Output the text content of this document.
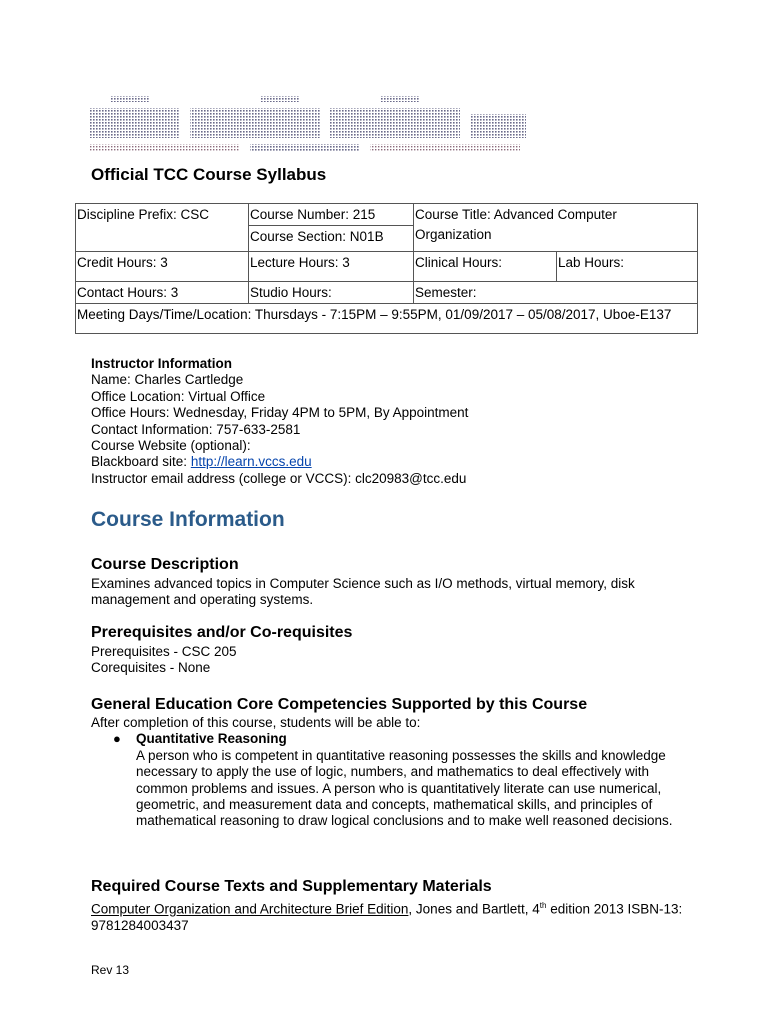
Official TCC Course Syllabus
Discipline Prefix: CSC	Course Number: 215	Course Title: Advanced Computer Organization	
	Course Section: N01B		
Credit Hours: 3	Lecture Hours: 3	Clinical Hours:	Lab Hours:
Contact Hours: 3	Studio Hours:	Semester:	
Meeting Days/Time/Location: Thursdays - 7:15PM – 9:55PM, 01/09/2017 – 05/08/2017, Uboe-E137			
Instructor Information
Name: Charles Cartledge
Office Location: Virtual Office
Office Hours: Wednesday, Friday 4PM to 5PM, By Appointment
Contact Information: 757-633-2581
Course Website (optional):
Blackboard site: http://learn.vccs.edu
Instructor email address (college or VCCS): clc20983@tcc.edu
Course Information
Course Description

Examines advanced topics in Computer Science such as I/O methods, virtual memory, disk management and operating systems.

Prerequisites and/or Co-requisites

Prerequisites - CSC 205

Corequisites - None

General Education Core Competencies Supported by this Course

After completion of this course, students will be able to:

● Quantitative Reasoning
A person who is competent in quantitative reasoning possesses the skills and knowledge necessary to apply the use of logic, numbers, and mathematics to deal effectively with common problems and issues. A person who is quantitatively literate can use numerical, geometric, and measurement data and concepts, mathematical skills, and principles of mathematical reasoning to draw logical conclusions and to make well reasoned decisions.
Required Course Texts and Supplementary Materials

Computer Organization and Architecture Brief Edition, Jones and Bartlett, 4th edition 2013 ISBN-13: 9781284003437

Rev 13
